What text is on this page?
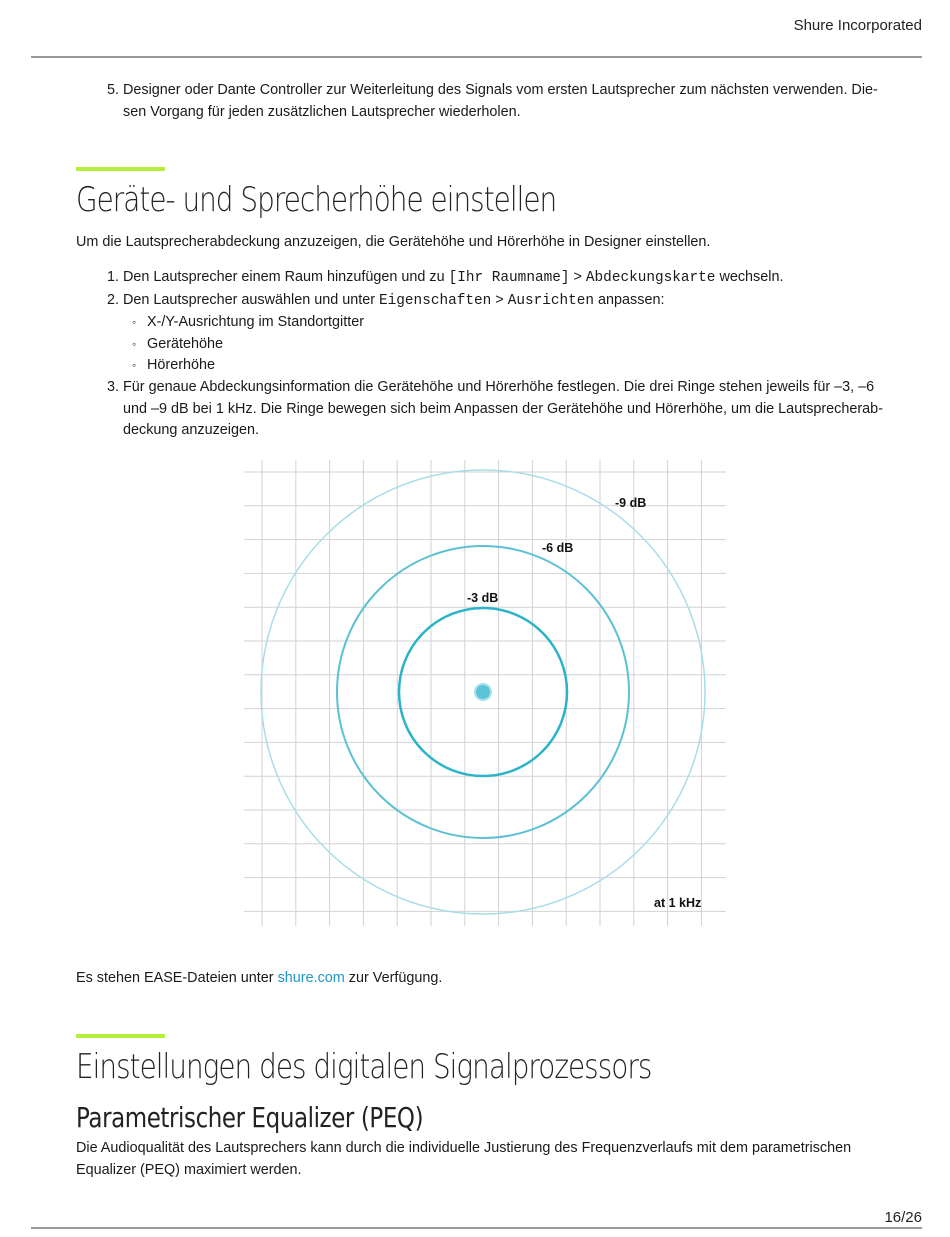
Shure Incorporated
5. Designer oder Dante Controller zur Weiterleitung des Signals vom ersten Lautsprecher zum nächsten verwenden. Diesen Vorgang für jeden zusätzlichen Lautsprecher wiederholen.
Geräte- und Sprecherhöhe einstellen

Um die Lautsprecherabdeckung anzuzeigen, die Gerätehöhe und Hörerhöhe in Designer einstellen.

1. Den Lautsprecher einem Raum hinzufügen und zu [Ihr Raumname] > Abdeckungskarte wechseln.
2. Den Lautsprecher auswählen und unter Eigenschaften > Ausrichten anpassen:
◦ X-/Y-Ausrichtung im Standortgitter
◦ Gerätehöhe
◦ Hörerhöhe
3. Für genaue Abdeckungsinformation die Gerätehöhe und Hörerhöhe festlegen. Die drei Ringe stehen jeweils für –3, –6 und –9 dB bei 1 kHz. Die Ringe bewegen sich beim Anpassen der Gerätehöhe und Hörerhöhe, um die Lautsprecherabdeckung anzuzeigen.
-9 dB
-6 dB
-3 dB
at 1 kHz

Es stehen EASE-Dateien unter shure.com zur Verfügung.

Einstellungen des digitalen Signalprozessors
Parametrischer Equalizer (PEQ)

Die Audioqualität des Lautsprechers kann durch die individuelle Justierung des Frequenzverlaufs mit dem parametrischen Equalizer (PEQ) maximiert werden.

16/26
